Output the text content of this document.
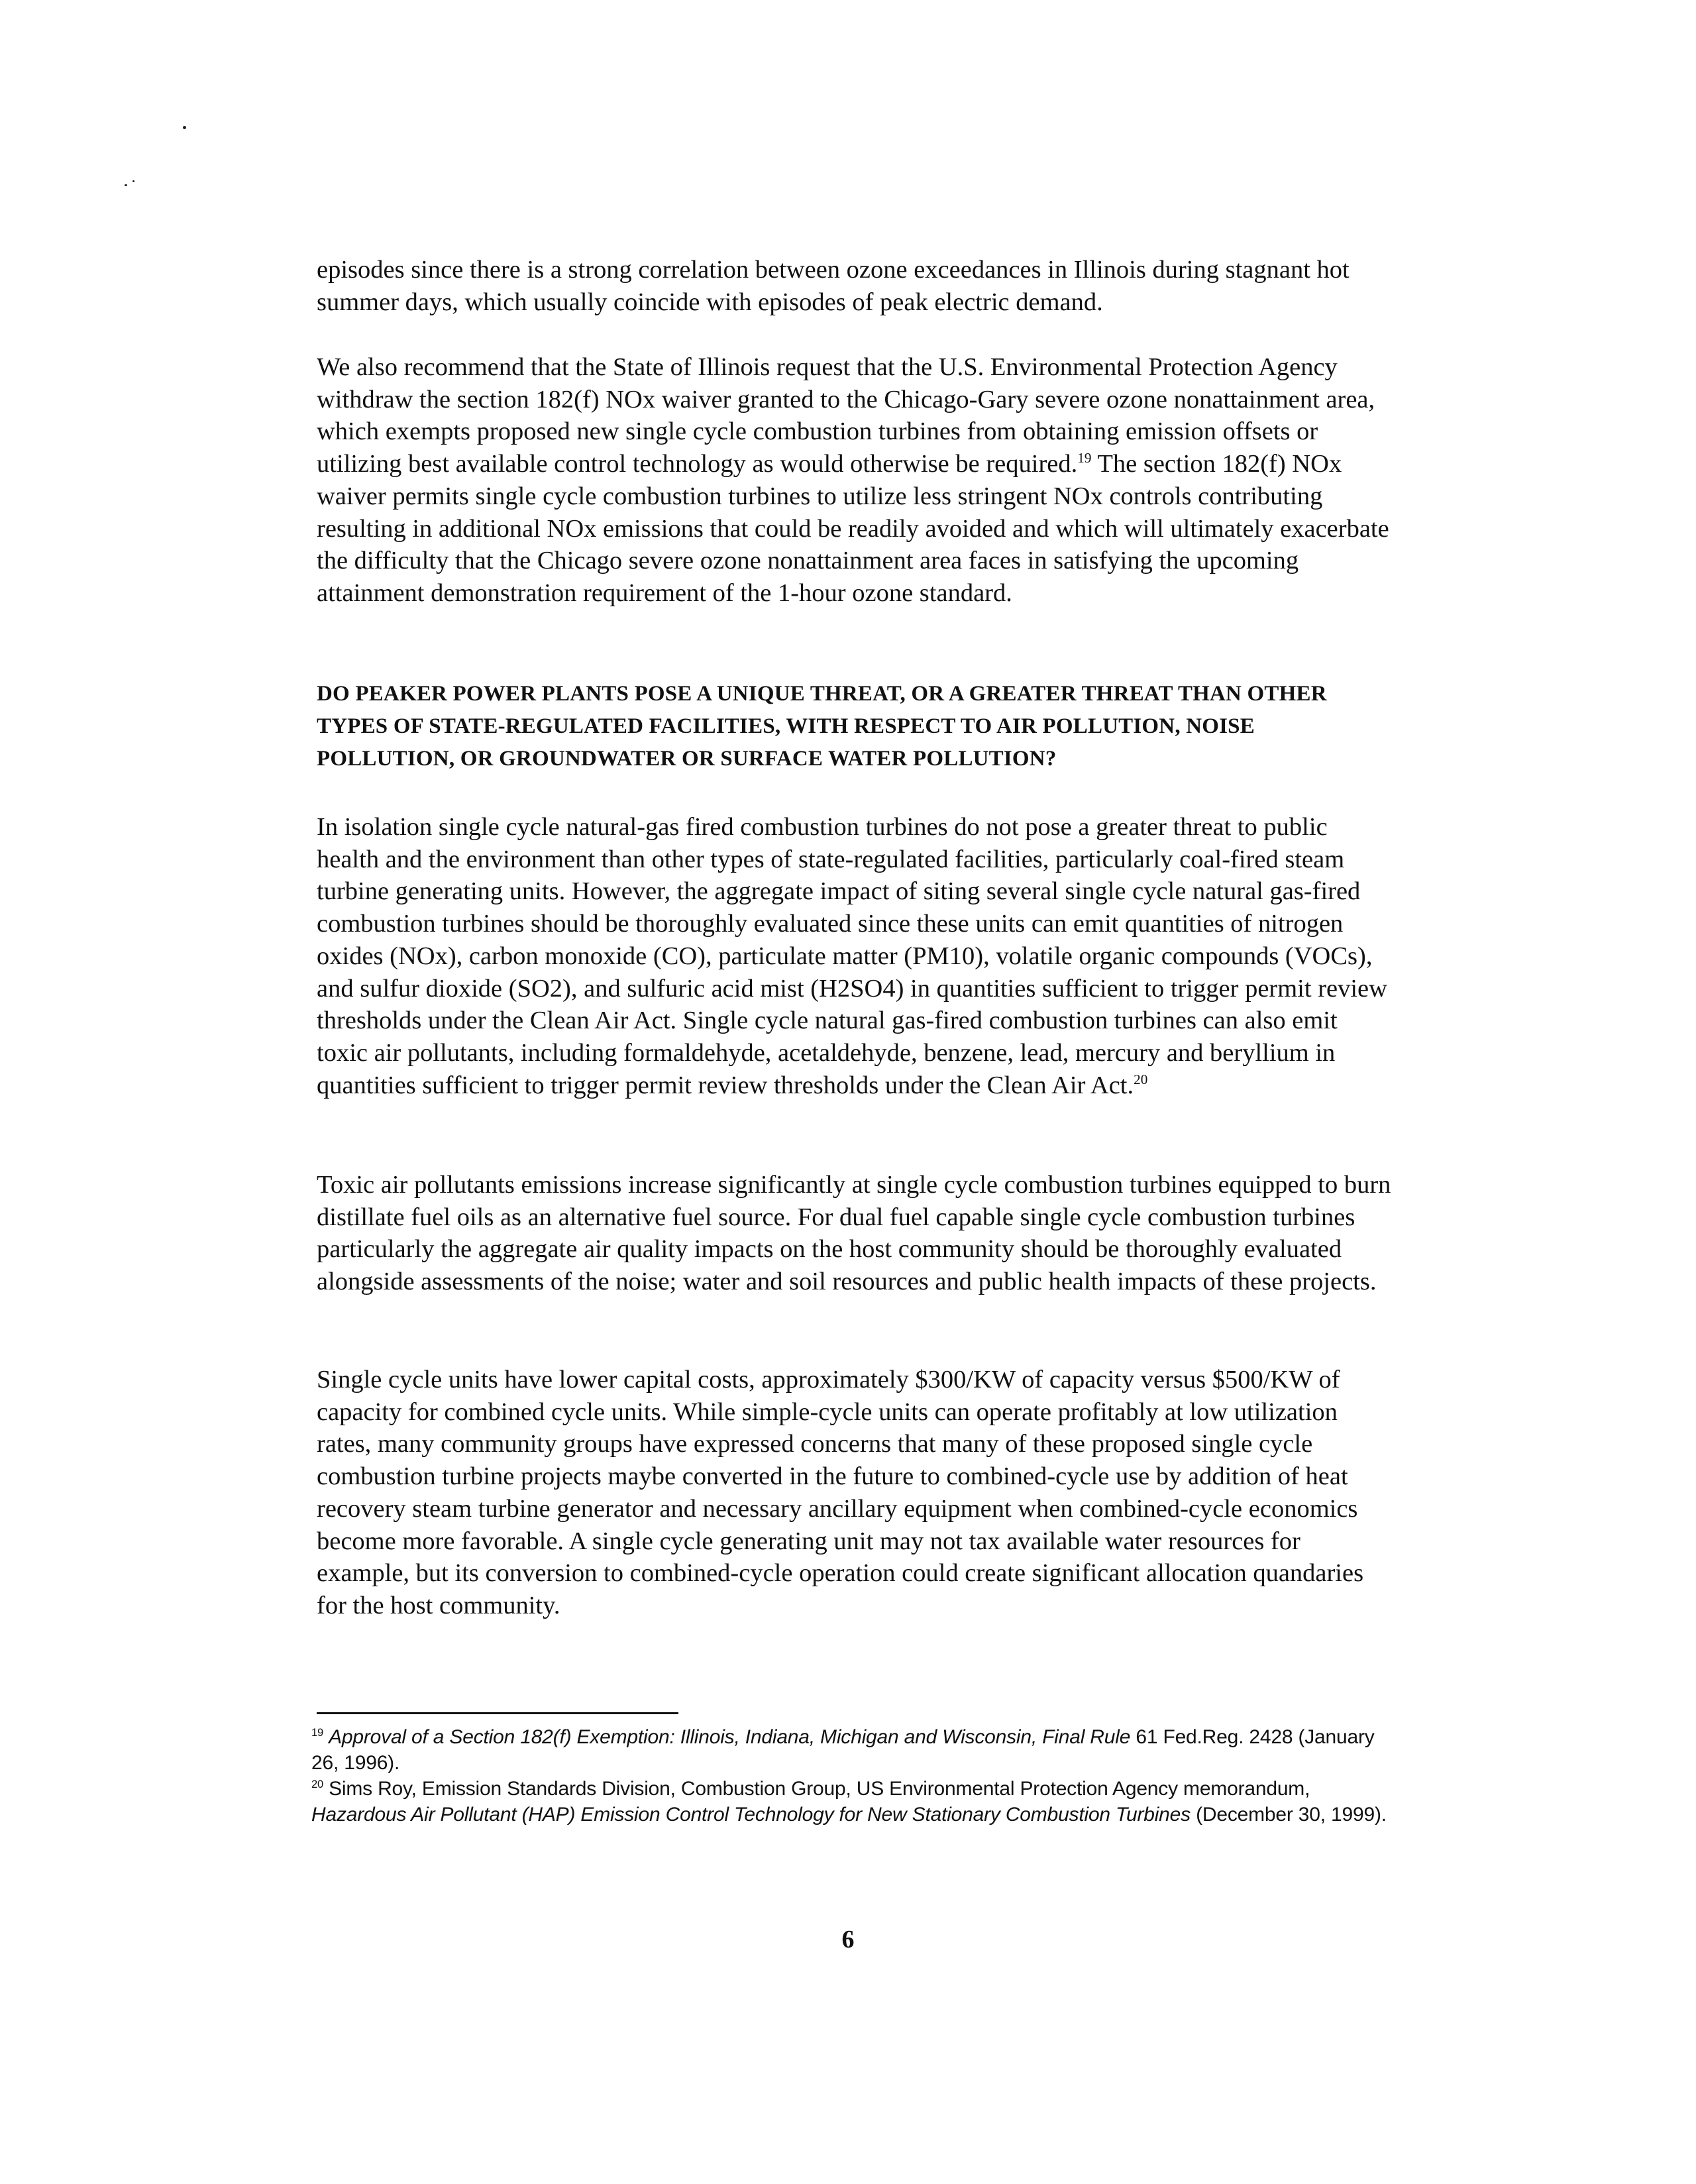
episodes since there is a strong correlation between ozone exceedances in Illinois during stagnant hot summer days, which usually coincide with episodes of peak electric demand.

We also recommend that the State of Illinois request that the U.S. Environmental Protection Agency withdraw the section 182(f) NOx waiver granted to the Chicago-Gary severe ozone nonattainment area, which exempts proposed new single cycle combustion turbines from obtaining emission offsets or utilizing best available control technology as would otherwise be required.$^{19}$ The section 182(f) NOx waiver permits single cycle combustion turbines to utilize less stringent NOx controls contributing resulting in additional NOx emissions that could be readily avoided and which will ultimately exacerbate the difficulty that the Chicago severe ozone nonattainment area faces in satisfying the upcoming attainment demonstration requirement of the 1-hour ozone standard.

DO PEAKER POWER PLANTS POSE A UNIQUE THREAT, OR A GREATER THREAT THAN OTHER TYPES OF STATE-REGULATED FACILITIES, WITH RESPECT TO AIR POLLUTION, NOISE POLLUTION, OR GROUNDWATER OR SURFACE WATER POLLUTION?

In isolation single cycle natural-gas fired combustion turbines do not pose a greater threat to public health and the environment than other types of state-regulated facilities, particularly coal-fired steam turbine generating units. However, the aggregate impact of siting several single cycle natural gas-fired combustion turbines should be thoroughly evaluated since these units can emit quantities of nitrogen oxides (NOx), carbon monoxide (CO), particulate matter (PM10), volatile organic compounds (VOCs), and sulfur dioxide (SO2), and sulfuric acid mist (H2SO4) in quantities sufficient to trigger permit review thresholds under the Clean Air Act. Single cycle natural gas-fired combustion turbines can also emit toxic air pollutants, including formaldehyde, acetaldehyde, benzene, lead, mercury and beryllium in quantities sufficient to trigger permit review thresholds under the Clean Air Act.$^{20}$

Toxic air pollutants emissions increase significantly at single cycle combustion turbines equipped to burn distillate fuel oils as an alternative fuel source. For dual fuel capable single cycle combustion turbines particularly the aggregate air quality impacts on the host community should be thoroughly evaluated alongside assessments of the noise; water and soil resources and public health impacts of these projects.

Single cycle units have lower capital costs, approximately $300/KW of capacity versus $500/KW of capacity for combined cycle units. While simple-cycle units can operate profitably at low utilization rates, many community groups have expressed concerns that many of these proposed single cycle combustion turbine projects maybe converted in the future to combined-cycle use by addition of heat recovery steam turbine generator and necessary ancillary equipment when combined-cycle economics become more favorable. A single cycle generating unit may not tax available water resources for example, but its conversion to combined-cycle operation could create significant allocation quandaries for the host community.

$^{19}$ Approval of a Section 182(f) Exemption: Illinois, Indiana, Michigan and Wisconsin, Final Rule 61 Fed.Reg. 2428 (January 26, 1996).

$^{20}$ Sims Roy, Emission Standards Division, Combustion Group, US Environmental Protection Agency memorandum, Hazardous Air Pollutant (HAP) Emission Control Technology for New Stationary Combustion Turbines (December 30, 1999).

6
